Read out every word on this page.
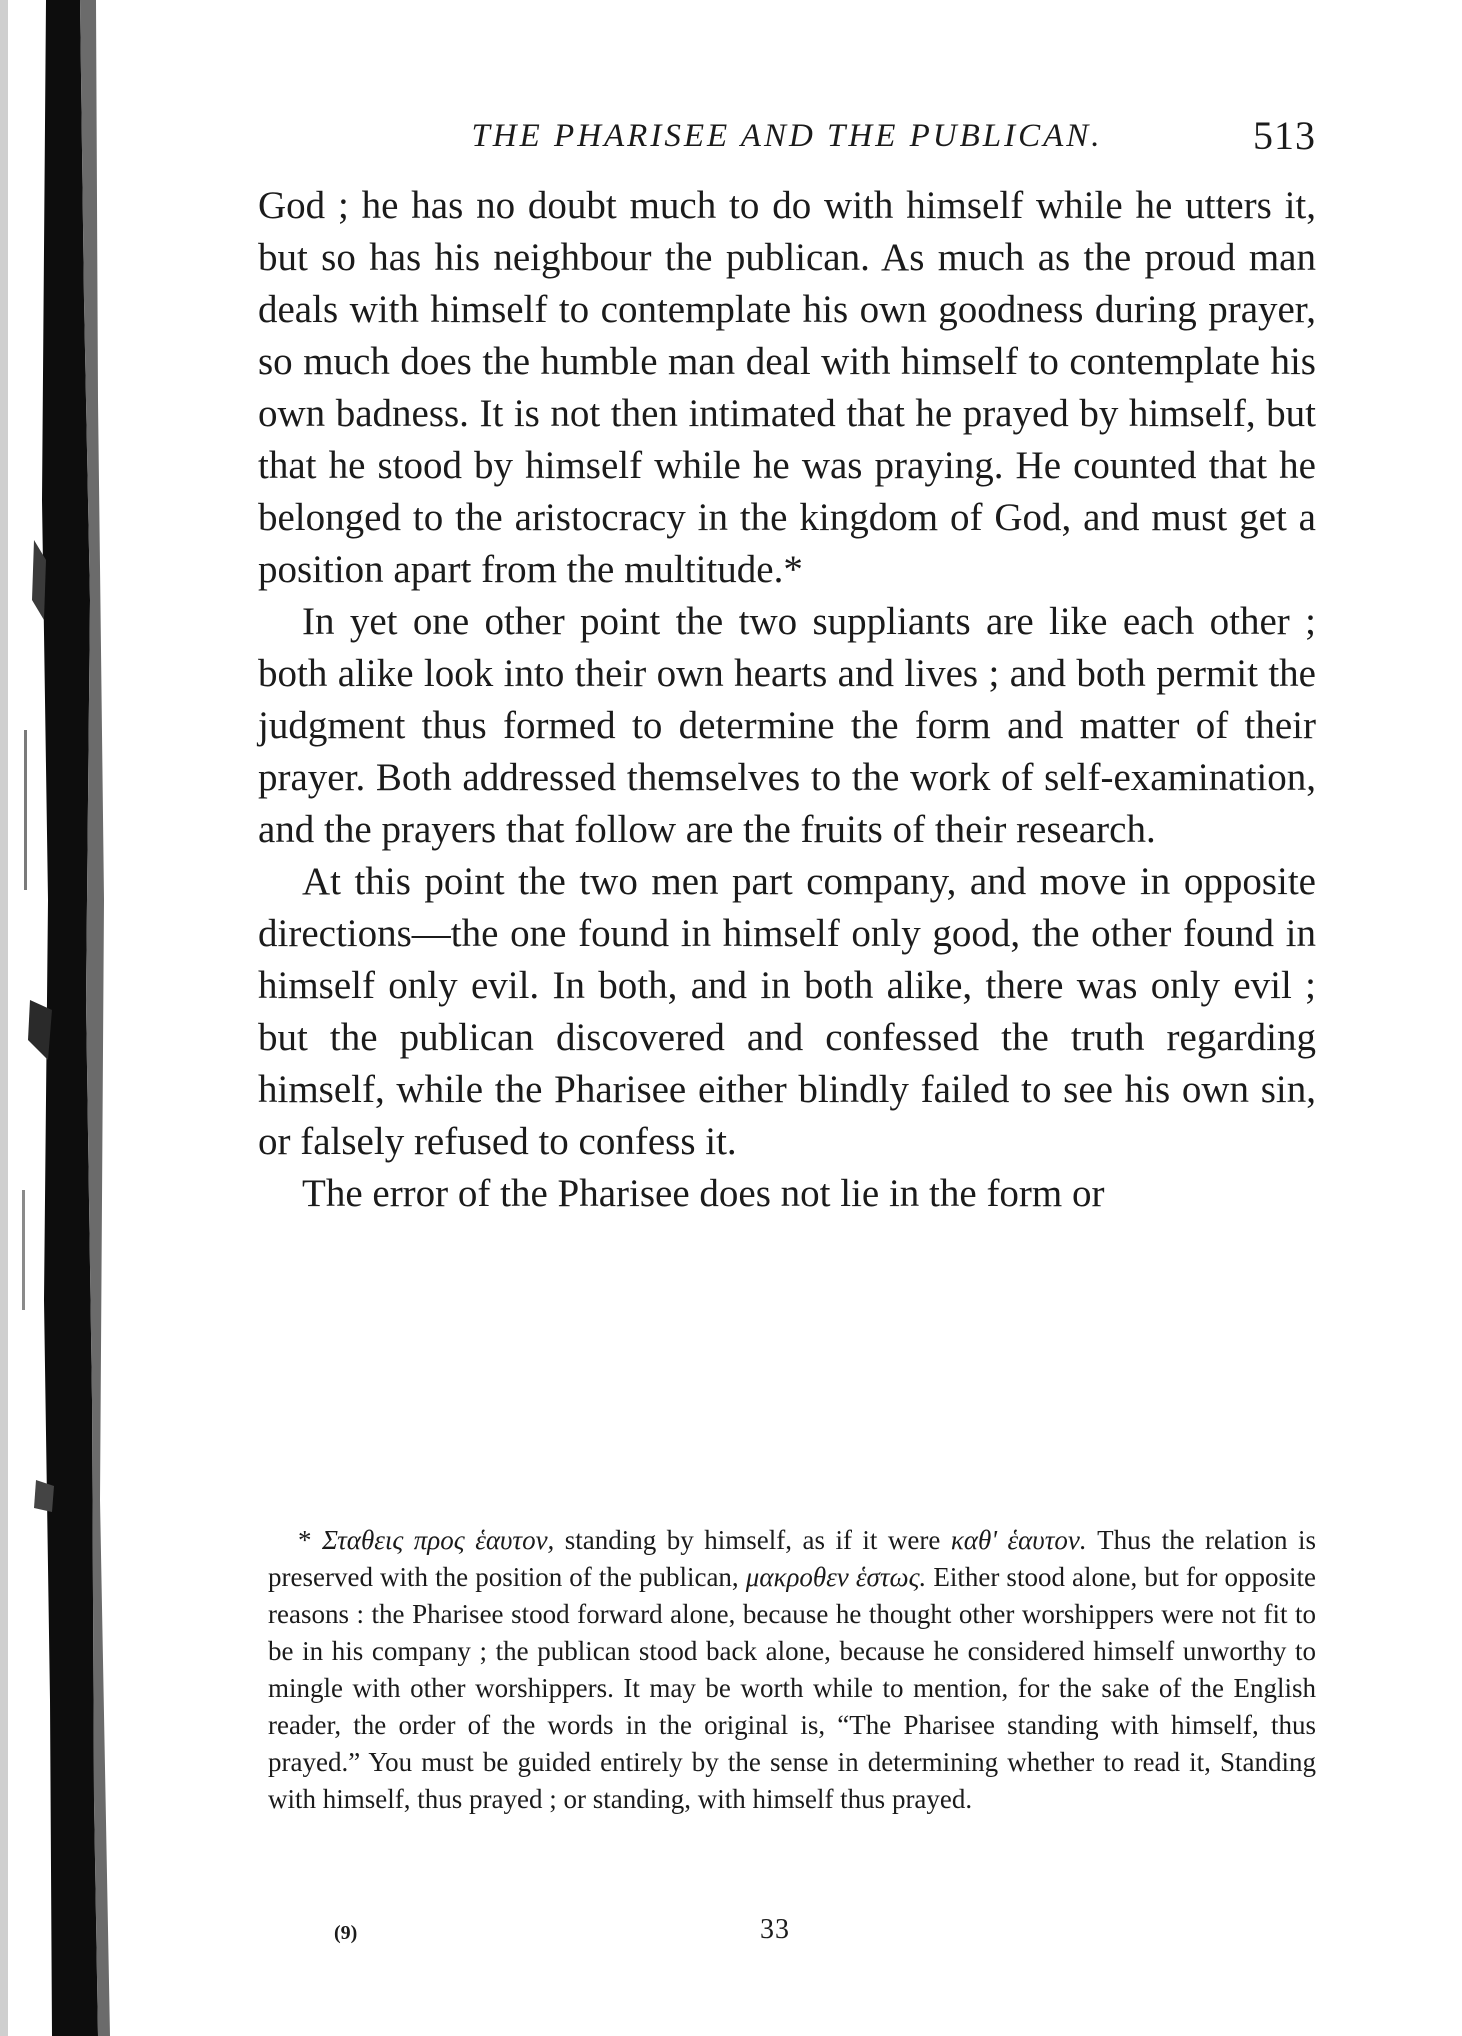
THE PHARISEE AND THE PUBLICAN.	513

God ; he has no doubt much to do with himself while he utters it, but so has his neighbour the publican. As much as the proud man deals with himself to contemplate his own goodness during prayer, so much does the humble man deal with himself to contemplate his own badness. It is not then intimated that he prayed by himself, but that he stood by himself while he was praying. He counted that he belonged to the aristocracy in the kingdom of God, and must get a position apart from the multitude.*

In yet one other point the two suppliants are like each other ; both alike look into their own hearts and lives ; and both permit the judgment thus formed to determine the form and matter of their prayer. Both addressed themselves to the work of self-examination, and the prayers that follow are the fruits of their research.

At this point the two men part company, and move in opposite directions—the one found in himself only good, the other found in himself only evil. In both, and in both alike, there was only evil ; but the publican discovered and confessed the truth regarding himself, while the Pharisee either blindly failed to see his own sin, or falsely refused to confess it.

The error of the Pharisee does not lie in the form or

* Σταθεις προς ἑαυτον, standing by himself, as if it were καθ' ἑαυτον. Thus the relation is preserved with the position of the publican, μακροθεν ἑστως. Either stood alone, but for opposite reasons : the Pharisee stood forward alone, because he thought other worshippers were not fit to be in his company ; the publican stood back alone, because he considered himself unworthy to mingle with other worshippers. It may be worth while to mention, for the sake of the English reader, the order of the words in the original is, “The Pharisee standing with himself, thus prayed.” You must be guided entirely by the sense in determining whether to read it, Standing with himself, thus prayed ; or standing, with himself thus prayed.

(9)	33
